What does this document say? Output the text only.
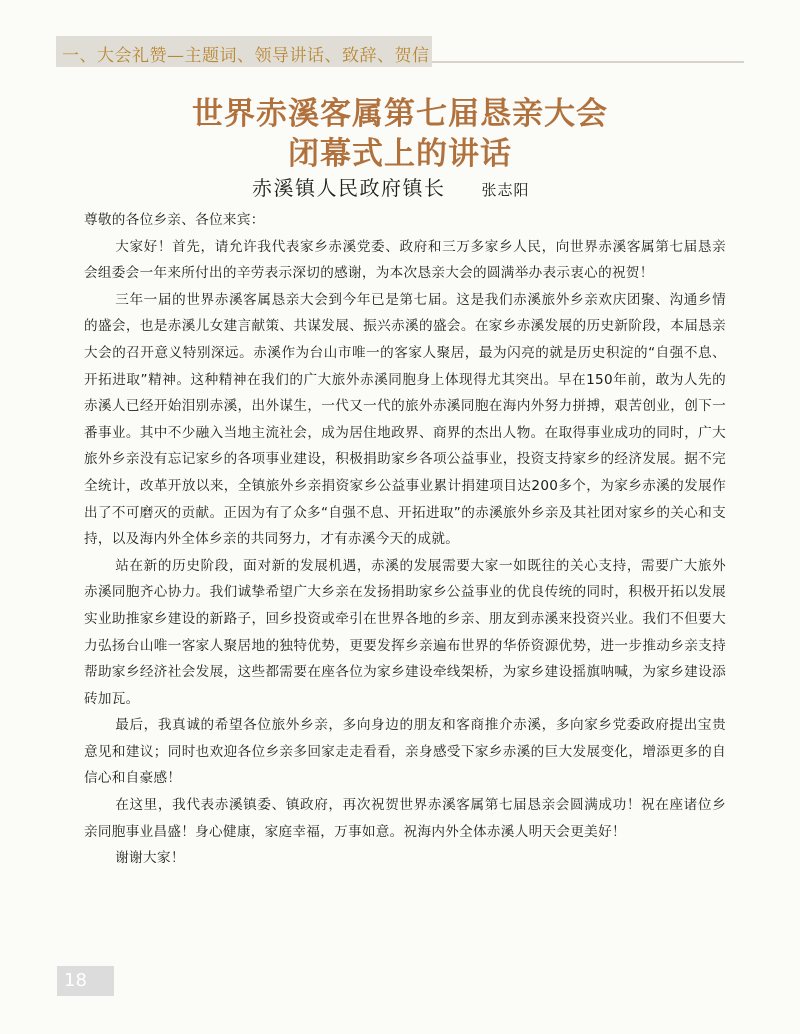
一、大会礼赞—主题词、领导讲话、致辞、贺信
世界赤溪客属第七届恳亲大会
闭幕式上的讲话
赤溪镇人民政府镇长 张志阳

尊敬的各位乡亲、各位来宾：

大家好！首先，请允许我代表家乡赤溪党委、政府和三万多家乡人民，向世界赤溪客属第七届恳亲会组委会一年来所付出的辛劳表示深切的感谢，为本次恳亲大会的圆满举办表示衷心的祝贺！

三年一届的世界赤溪客属恳亲大会到今年已是第七届。这是我们赤溪旅外乡亲欢庆团聚、沟通乡情的盛会，也是赤溪儿女建言献策、共谋发展、振兴赤溪的盛会。在家乡赤溪发展的历史新阶段，本届恳亲大会的召开意义特别深远。赤溪作为台山市唯一的客家人聚居，最为闪亮的就是历史积淀的“自强不息、开拓进取”精神。这种精神在我们的广大旅外赤溪同胞身上体现得尤其突出。早在150年前，敢为人先的赤溪人已经开始泪别赤溪，出外谋生，一代又一代的旅外赤溪同胞在海内外努力拼搏，艰苦创业，创下一番事业。其中不少融入当地主流社会，成为居住地政界、商界的杰出人物。在取得事业成功的同时，广大旅外乡亲没有忘记家乡的各项事业建设，积极捐助家乡各项公益事业，投资支持家乡的经济发展。据不完全统计，改革开放以来，全镇旅外乡亲捐资家乡公益事业累计捐建项目达200多个，为家乡赤溪的发展作出了不可磨灭的贡献。正因为有了众多“自强不息、开拓进取”的赤溪旅外乡亲及其社团对家乡的关心和支持，以及海内外全体乡亲的共同努力，才有赤溪今天的成就。

站在新的历史阶段，面对新的发展机遇，赤溪的发展需要大家一如既往的关心支持，需要广大旅外赤溪同胞齐心协力。我们诚挚希望广大乡亲在发扬捐助家乡公益事业的优良传统的同时，积极开拓以发展实业助推家乡建设的新路子，回乡投资或牵引在世界各地的乡亲、朋友到赤溪来投资兴业。我们不但要大力弘扬台山唯一客家人聚居地的独特优势，更要发挥乡亲遍布世界的华侨资源优势，进一步推动乡亲支持帮助家乡经济社会发展，这些都需要在座各位为家乡建设牵线架桥，为家乡建设摇旗呐喊，为家乡建设添砖加瓦。

最后，我真诚的希望各位旅外乡亲，多向身边的朋友和客商推介赤溪，多向家乡党委政府提出宝贵意见和建议；同时也欢迎各位乡亲多回家走走看看，亲身感受下家乡赤溪的巨大发展变化，增添更多的自信心和自豪感！

在这里，我代表赤溪镇委、镇政府，再次祝贺世界赤溪客属第七届恳亲会圆满成功！祝在座诸位乡亲同胞事业昌盛！身心健康，家庭幸福，万事如意。祝海内外全体赤溪人明天会更美好！

谢谢大家！

18
